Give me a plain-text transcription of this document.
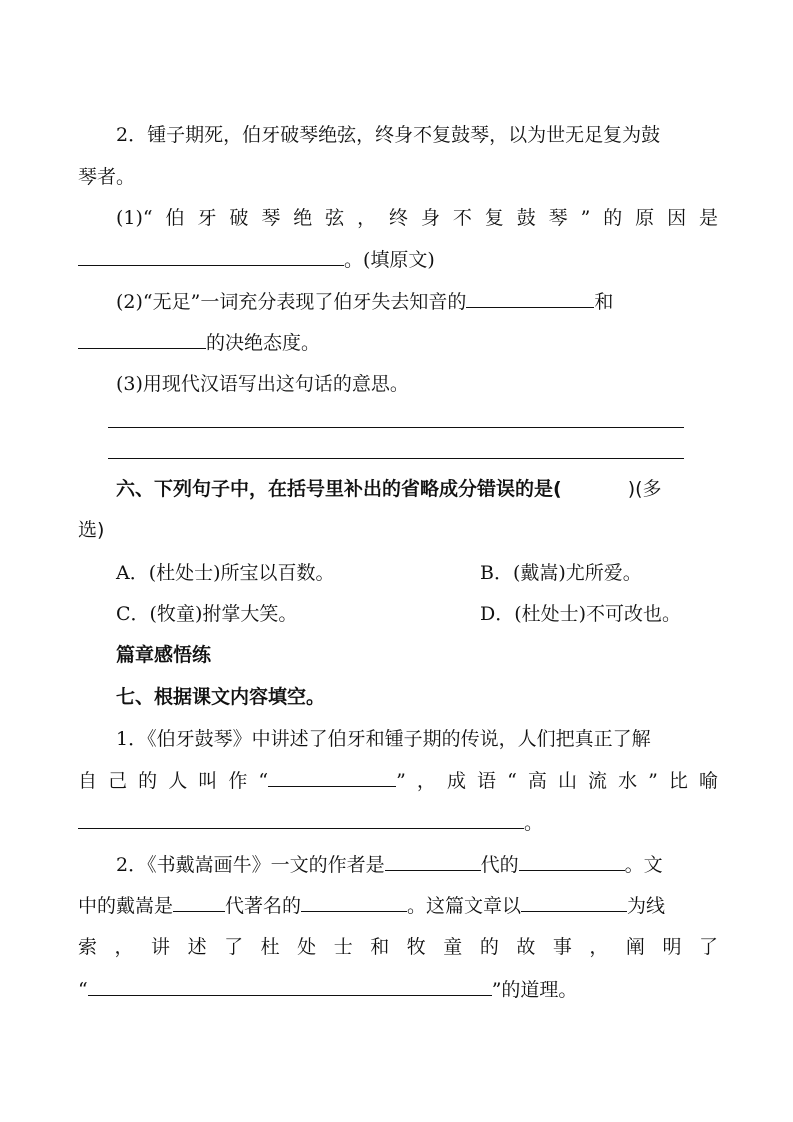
2．锺子期死，伯牙破琴绝弦，终身不复鼓琴，以为世无足复为鼓
琴者。
(1)“伯牙破琴绝弦，终身不复鼓琴”的原因是
。(填原文)
(2)“无足”一词充分表现了伯牙失去知音的	和
的决绝态度。
(3)用现代汉语写出这句话的意思。
六、下列句子中，在括号里补出的省略成分错误的是(	)(多
选)
A．(杜处士)所宝以百数。	B．(戴嵩)尤所爱。
C．(牧童)拊掌大笑。	D．(杜处士)不可改也。
篇章感悟练
七、根据课文内容填空。
1．《伯牙鼓琴》中讲述了伯牙和锺子期的传说，人们把真正了解
自己的人叫作“	”，成语“高山流水”比喻
。
2．《书戴嵩画牛》一文的作者是	代的	。文
中的戴嵩是	代著名的	。这篇文章以	为线
索，讲述了杜处士和牧童的故事，阐明了
“	”的道理。
